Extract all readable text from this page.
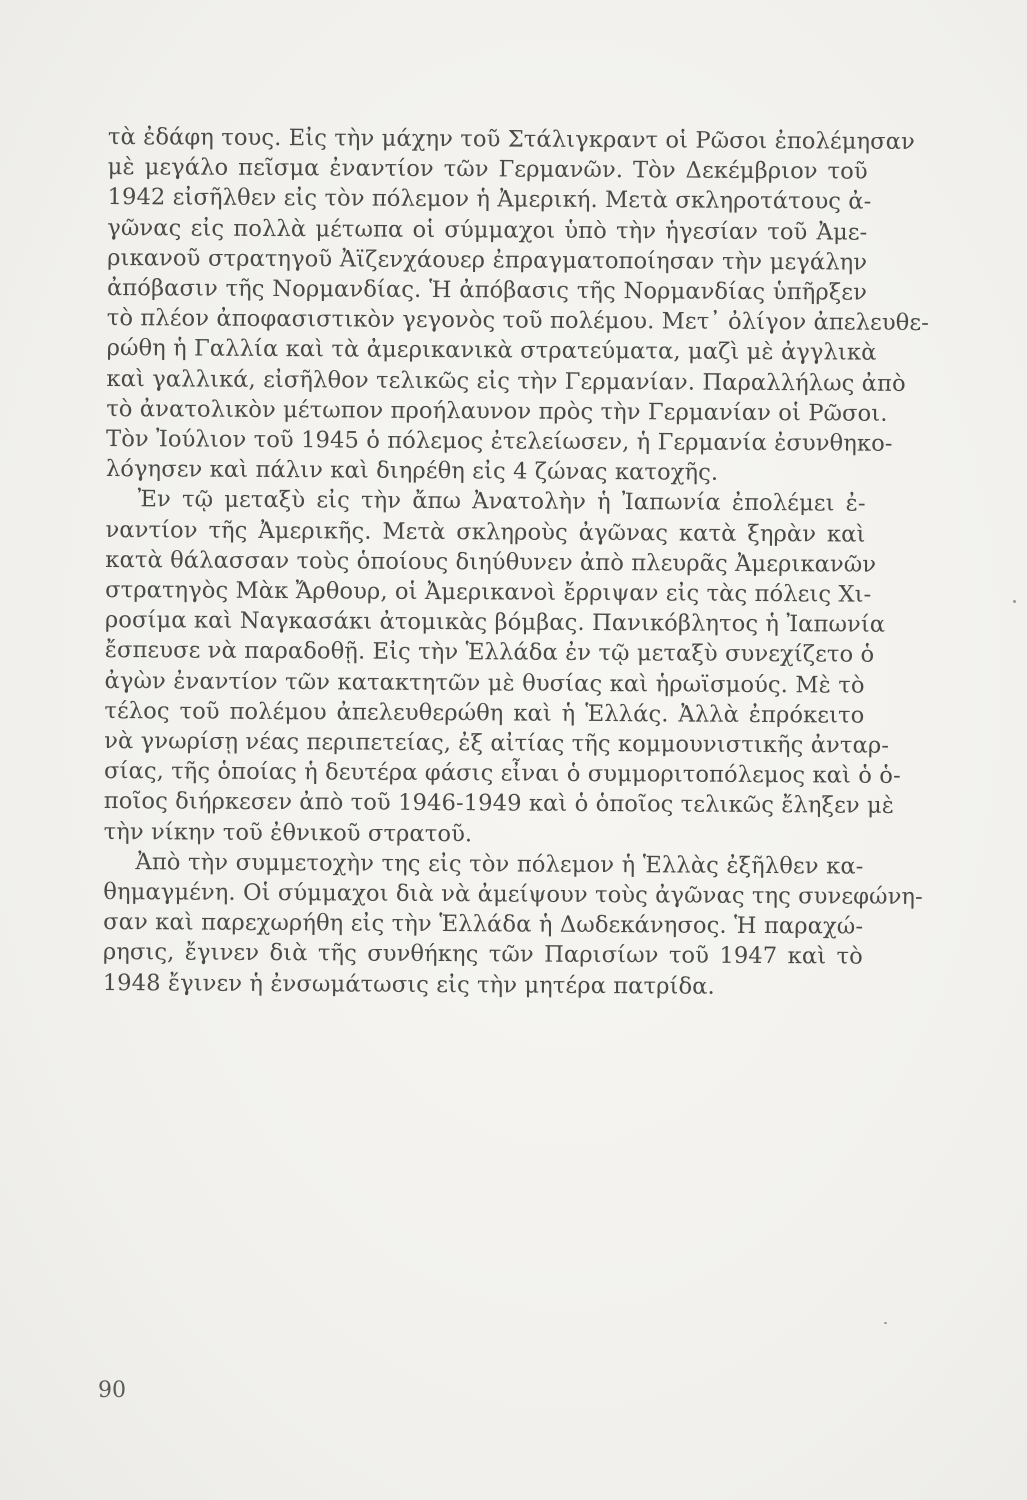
τὰ ἐδάφη τους. Εἰς τὴν μάχην τοῦ Στάλιγκραντ οἱ Ρῶσοι ἐπολέμησαν
μὲ μεγάλο πεῖσμα ἐναντίον τῶν Γερμανῶν. Τὸν Δεκέμβριον τοῦ
1942 εἰσῆλθεν εἰς τὸν πόλεμον ἡ Ἀμερική. Μετὰ σκληροτάτους ἀ-
γῶνας εἰς πολλὰ μέτωπα οἱ σύμμαχοι ὑπὸ τὴν ἡγεσίαν τοῦ Ἀμε-
ρικανοῦ στρατηγοῦ Ἀϊζενχάουερ ἐπραγματοποίησαν τὴν μεγάλην
ἀπόβασιν τῆς Νορμανδίας. Ἡ ἀπόβασις τῆς Νορμανδίας ὑπῆρξεν
τὸ πλέον ἀποφασιστικὸν γεγονὸς τοῦ πολέμου. Μετ᾽ ὀλίγον ἀπελευθε-
ρώθη ἡ Γαλλία καὶ τὰ ἀμερικανικὰ στρατεύματα, μαζὶ μὲ ἀγγλικὰ
καὶ γαλλικά, εἰσῆλθον τελικῶς εἰς τὴν Γερμανίαν. Παραλλήλως ἀπὸ
τὸ ἀνατολικὸν μέτωπον προήλαυνον πρὸς τὴν Γερμανίαν οἱ Ρῶσοι.
Τὸν Ἰούλιον τοῦ 1945 ὁ πόλεμος ἐτελείωσεν, ἡ Γερμανία ἐσυνθηκο-
λόγησεν καὶ πάλιν καὶ διηρέθη εἰς 4 ζώνας κατοχῆς.

Ἐν τῷ μεταξὺ εἰς τὴν ἄπω Ἀνατολὴν ἡ Ἰαπωνία ἐπολέμει ἐ-
ναντίον τῆς Ἀμερικῆς. Μετὰ σκληροὺς ἀγῶνας κατὰ ξηρὰν καὶ
κατὰ θάλασσαν τοὺς ὁποίους διηύθυνεν ἀπὸ πλευρᾶς Ἀμερικανῶν
στρατηγὸς Μὰκ Ἄρθουρ, οἱ Ἀμερικανοὶ ἔρριψαν εἰς τὰς πόλεις Χι-
ροσίμα καὶ Ναγκασάκι ἀτομικὰς βόμβας. Πανικόβλητος ἡ Ἰαπωνία
ἔσπευσε νὰ παραδοθῇ. Εἰς τὴν Ἑλλάδα ἐν τῷ μεταξὺ συνεχίζετο ὁ
ἀγὼν ἐναντίον τῶν κατακτητῶν μὲ θυσίας καὶ ἡρωϊσμούς. Μὲ τὸ
τέλος τοῦ πολέμου ἀπελευθερώθη καὶ ἡ Ἑλλάς. Ἀλλὰ ἐπρόκειτο
νὰ γνωρίσῃ νέας περιπετείας, ἐξ αἰτίας τῆς κομμουνιστικῆς ἀνταρ-
σίας, τῆς ὁποίας ἡ δευτέρα φάσις εἶναι ὁ συμμοριτοπόλεμος καὶ ὁ ὁ-
ποῖος διήρκεσεν ἀπὸ τοῦ 1946-1949 καὶ ὁ ὁποῖος τελικῶς ἔληξεν μὲ
τὴν νίκην τοῦ ἐθνικοῦ στρατοῦ.

Ἀπὸ τὴν συμμετοχὴν της εἰς τὸν πόλεμον ἡ Ἑλλὰς ἐξῆλθεν κα-
θημαγμένη. Οἱ σύμμαχοι διὰ νὰ ἀμείψουν τοὺς ἀγῶνας της συνεφώνη-
σαν καὶ παρεχωρήθη εἰς τὴν Ἑλλάδα ἡ Δωδεκάνησος. Ἡ παραχώ-
ρησις, ἔγινεν διὰ τῆς συνθήκης τῶν Παρισίων τοῦ 1947 καὶ τὸ
1948 ἔγινεν ἡ ἐνσωμάτωσις εἰς τὴν μητέρα πατρίδα.

90
